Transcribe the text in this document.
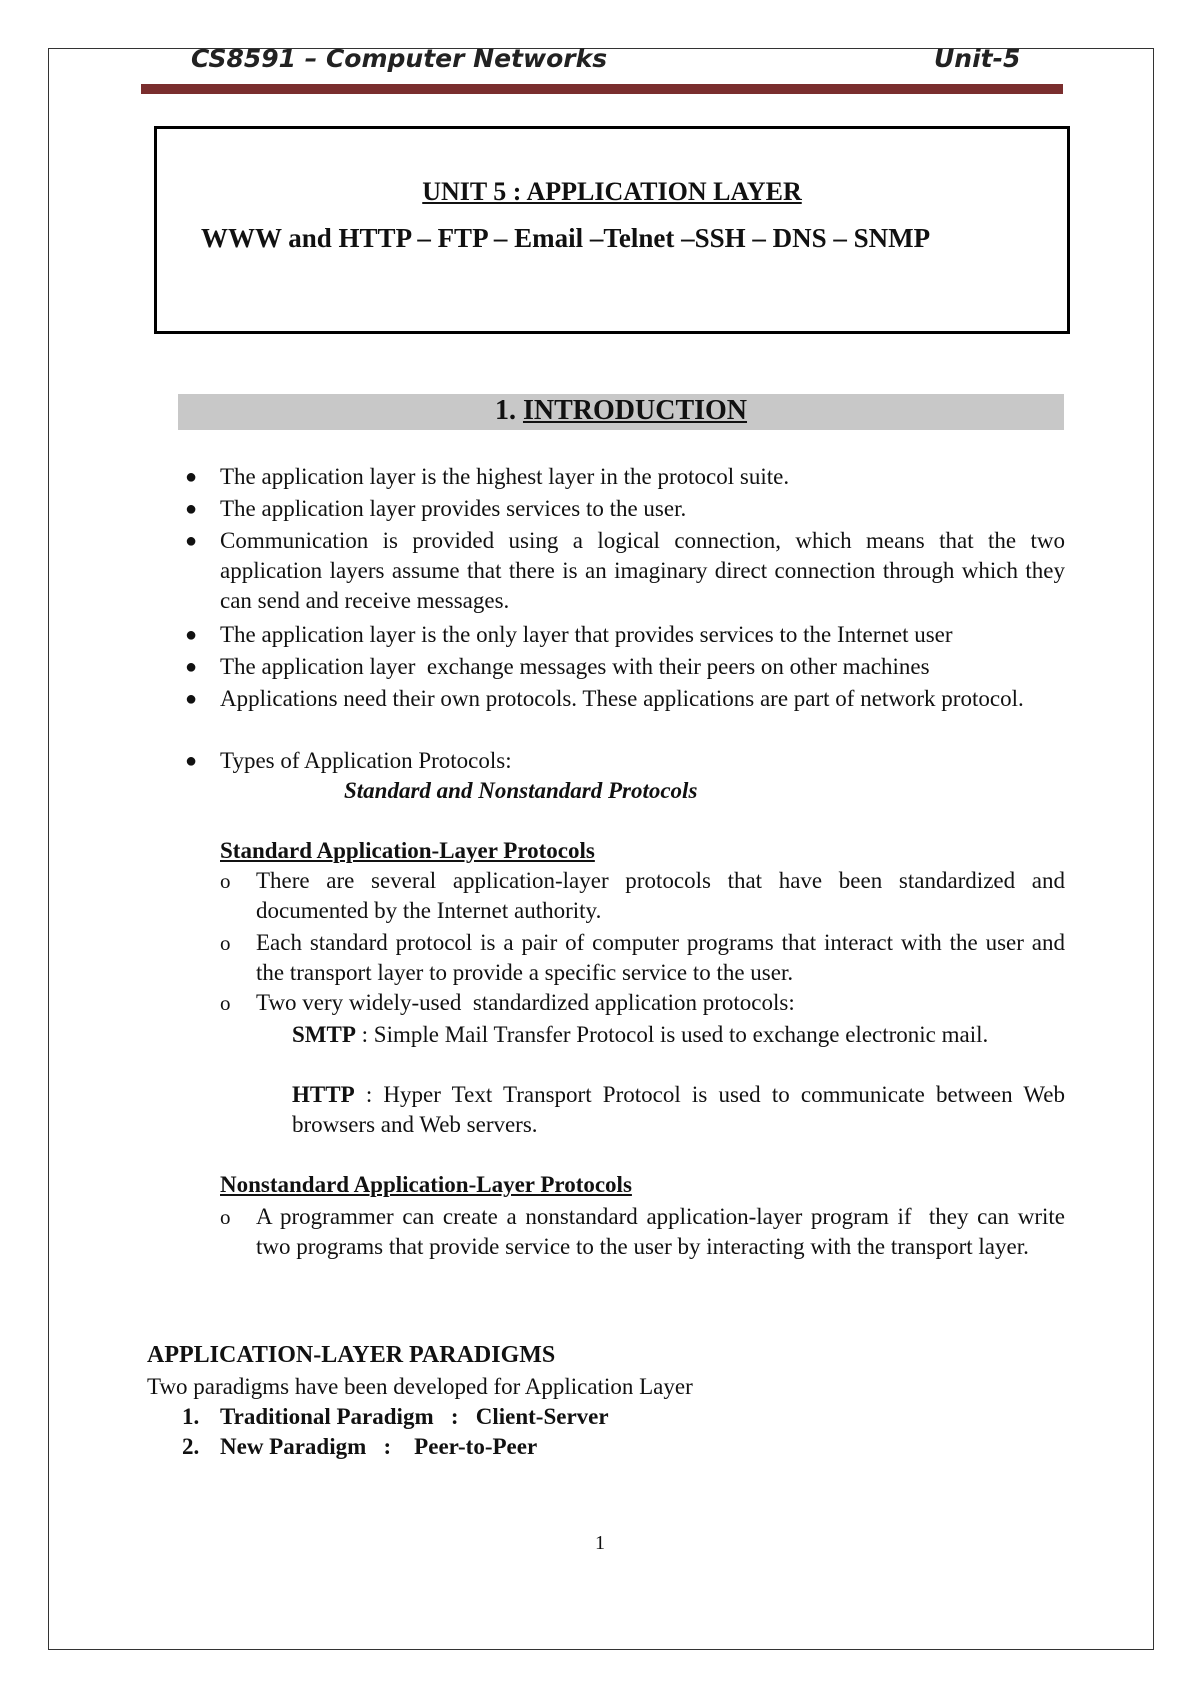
CS8591 – Computer Networks	Unit-5
UNIT 5 : APPLICATION LAYER
WWW and HTTP – FTP – Email –Telnet –SSH – DNS – SNMP
1. INTRODUCTION
● The application layer is the highest layer in the protocol suite.
● The application layer provides services to the user.
● Communication is provided using a logical connection, which means that the two application layers assume that there is an imaginary direct connection through which they can send and receive messages.
● The application layer is the only layer that provides services to the Internet user
● The application layer  exchange messages with their peers on other machines
● Applications need their own protocols. These applications are part of network protocol.
● Types of Application Protocols:
Standard and Nonstandard Protocols
Standard Application-Layer Protocols
o There are several application-layer protocols that have been standardized and documented by the Internet authority.
o Each standard protocol is a pair of computer programs that interact with the user and the transport layer to provide a specific service to the user.
o Two very widely-used  standardized application protocols:
SMTP : Simple Mail Transfer Protocol is used to exchange electronic mail.
HTTP : Hyper Text Transport Protocol is used to communicate between Web browsers and Web servers.
Nonstandard Application-Layer Protocols
o A programmer can create a nonstandard application-layer program if  they can write two programs that provide service to the user by interacting with the transport layer.
APPLICATION-LAYER PARADIGMS
Two paradigms have been developed for Application Layer
1. Traditional Paradigm   :   Client-Server
2. New Paradigm   :    Peer-to-Peer
1
